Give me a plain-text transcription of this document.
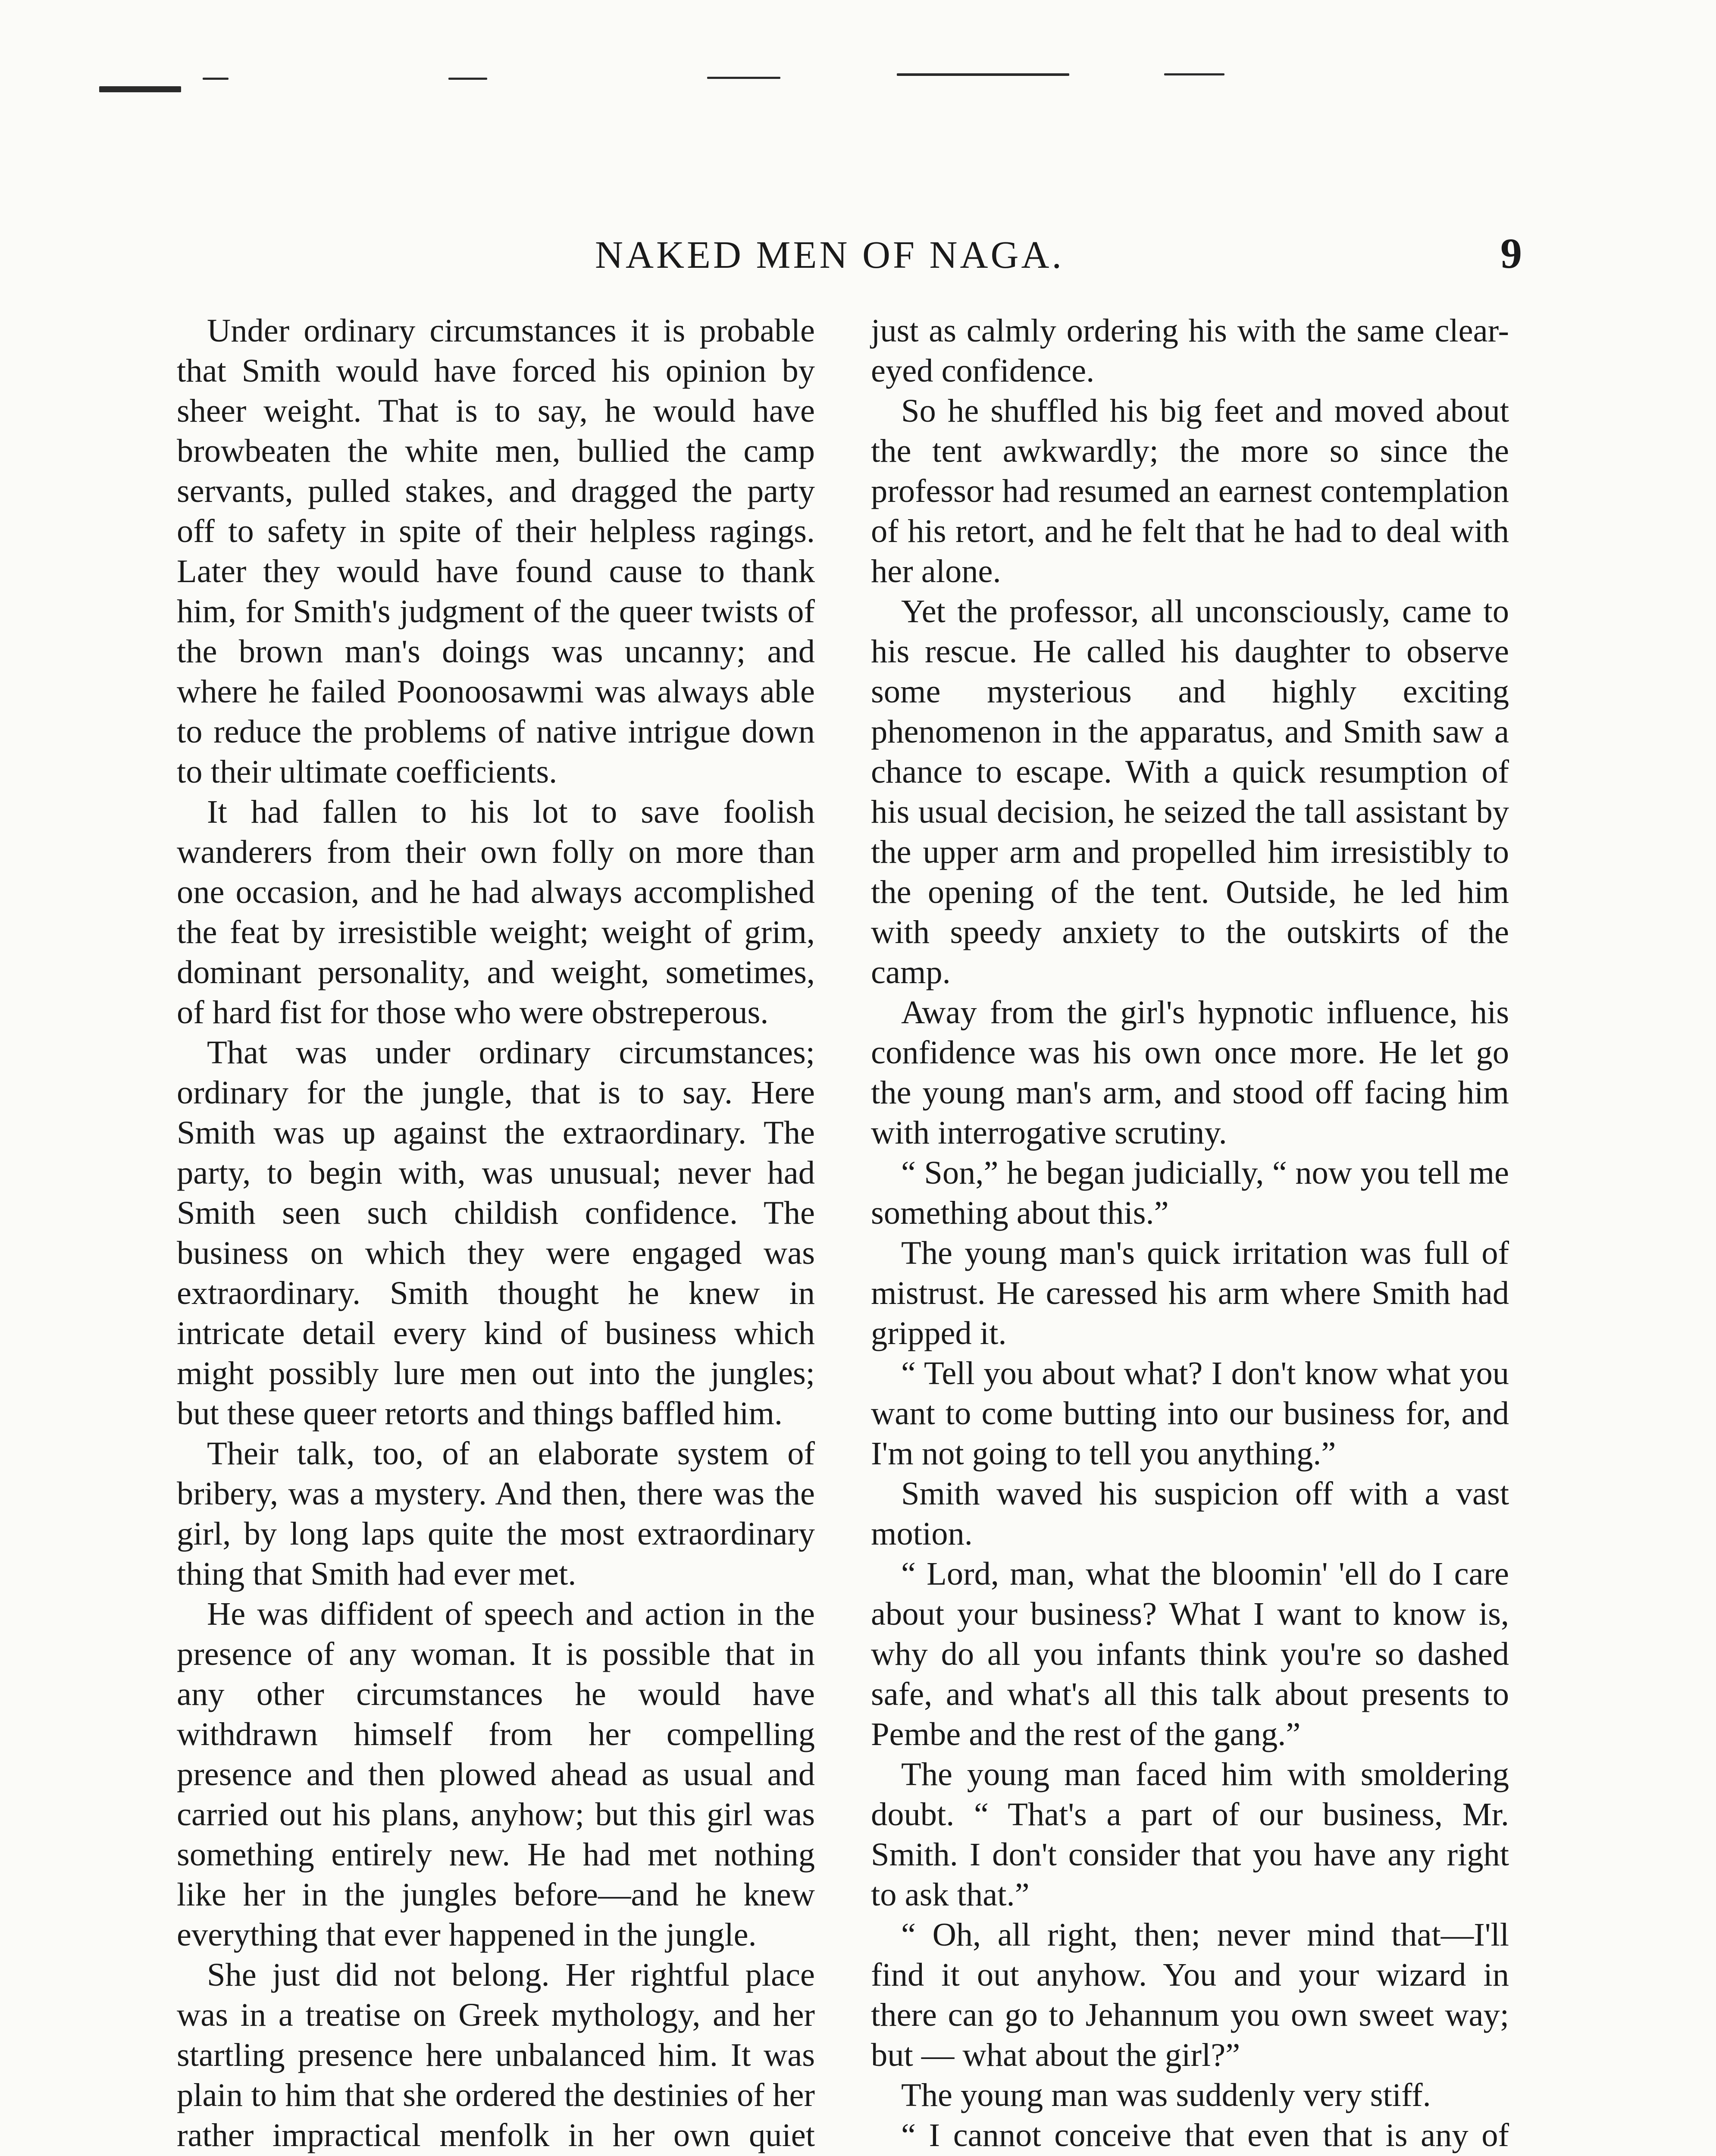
NAKED MEN OF NAGA.	9

Under ordinary circumstances it is probable that Smith would have forced his opinion by sheer weight. That is to say, he would have browbeaten the white men, bullied the camp servants, pulled stakes, and dragged the party off to safety in spite of their helpless ragings. Later they would have found cause to thank him, for Smith's judgment of the queer twists of the brown man's doings was uncanny; and where he failed Poonoosawmi was always able to reduce the problems of native intrigue down to their ultimate coefficients.

It had fallen to his lot to save foolish wanderers from their own folly on more than one occasion, and he had always accomplished the feat by irresistible weight; weight of grim, dominant personality, and weight, sometimes, of hard fist for those who were obstreperous.

That was under ordinary circumstances; ordinary for the jungle, that is to say. Here Smith was up against the extraordinary. The party, to begin with, was unusual; never had Smith seen such childish confidence. The business on which they were engaged was extraordinary. Smith thought he knew in intricate detail every kind of business which might possibly lure men out into the jungles; but these queer retorts and things baffled him.

Their talk, too, of an elaborate system of bribery, was a mystery. And then, there was the girl, by long laps quite the most extraordinary thing that Smith had ever met.

He was diffident of speech and action in the presence of any woman. It is possible that in any other circumstances he would have withdrawn himself from her compelling presence and then plowed ahead as usual and carried out his plans, anyhow; but this girl was something entirely new. He had met nothing like her in the jungles before—and he knew everything that ever happened in the jungle.

She just did not belong. Her rightful place was in a treatise on Greek mythology, and her startling presence here unbalanced him. It was plain to him that she ordered the destinies of her rather impractical menfolk in her own quiet

just as calmly ordering his with the same clear-eyed confidence.

So he shuffled his big feet and moved about the tent awkwardly; the more so since the professor had resumed an earnest contemplation of his retort, and he felt that he had to deal with her alone.

Yet the professor, all unconsciously, came to his rescue. He called his daughter to observe some mysterious and highly exciting phenomenon in the apparatus, and Smith saw a chance to escape. With a quick resumption of his usual decision, he seized the tall assistant by the upper arm and propelled him irresistibly to the opening of the tent. Outside, he led him with speedy anxiety to the outskirts of the camp.

Away from the girl's hypnotic influence, his confidence was his own once more. He let go the young man's arm, and stood off facing him with interrogative scrutiny.

“ Son,” he began judicially, “ now you tell me something about this.”

The young man's quick irritation was full of mistrust. He caressed his arm where Smith had gripped it.

“ Tell you about what? I don't know what you want to come butting into our business for, and I'm not going to tell you anything.”

Smith waved his suspicion off with a vast motion.

“ Lord, man, what the bloomin' 'ell do I care about your business? What I want to know is, why do all you infants think you're so dashed safe, and what's all this talk about presents to Pembe and the rest of the gang.”

The young man faced him with smoldering doubt. “ That's a part of our business, Mr. Smith. I don't consider that you have any right to ask that.”

“ Oh, all right, then; never mind that—I'll find it out anyhow. You and your wizard in there can go to Jehannum you own sweet way; but — what about the girl?”

The young man was suddenly very stiff.

“ I cannot conceive that even that is any of
